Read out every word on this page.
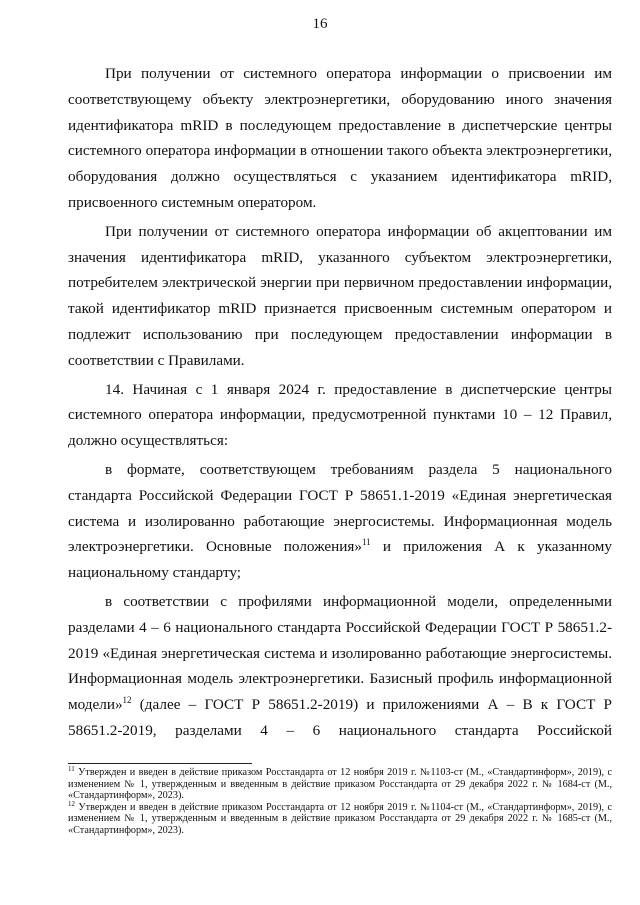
16

При получении от системного оператора информации о присвоении им соответствующему объекту электроэнергетики, оборудованию иного значения идентификатора mRID в последующем предоставление в диспетчерские центры системного оператора информации в отношении такого объекта электроэнергетики, оборудования должно осуществляться с указанием идентификатора mRID, присвоенного системным оператором.

При получении от системного оператора информации об акцептовании им значения идентификатора mRID, указанного субъектом электроэнергетики, потребителем электрической энергии при первичном предоставлении информации, такой идентификатор mRID признается присвоенным системным оператором и подлежит использованию при последующем предоставлении информации в соответствии с Правилами.

14. Начиная с 1 января 2024 г. предоставление в диспетчерские центры системного оператора информации, предусмотренной пунктами 10 – 12 Правил, должно осуществляться:

в формате, соответствующем требованиям раздела 5 национального стандарта Российской Федерации ГОСТ Р 58651.1-2019 «Единая энергетическая система и изолированно работающие энергосистемы. Информационная модель электроэнергетики. Основные положения»$^{11}$ и приложения А к указанному национальному стандарту;

в соответствии с профилями информационной модели, определенными разделами 4 – 6 национального стандарта Российской Федерации ГОСТ Р 58651.2-2019 «Единая энергетическая система и изолированно работающие энергосистемы. Информационная модель электроэнергетики. Базисный профиль информационной модели»$^{12}$ (далее – ГОСТ Р 58651.2-2019) и приложениями А – В к ГОСТ Р 58651.2-2019, разделами 4 – 6 национального стандарта Российской

$^{11}$ Утвержден и введен в действие приказом Росстандарта от 12 ноября 2019 г. №1103-ст (М., «Стандартинформ», 2019), с изменением № 1, утвержденным и введенным в действие приказом Росстандарта от 29 декабря 2022 г. № 1684-ст (М., «Стандартинформ», 2023).

$^{12}$ Утвержден и введен в действие приказом Росстандарта от 12 ноября 2019 г. №1104-ст (М., «Стандартинформ», 2019), с изменением № 1, утвержденным и введенным в действие приказом Росстандарта от 29 декабря 2022 г. № 1685-ст (М., «Стандартинформ», 2023).
